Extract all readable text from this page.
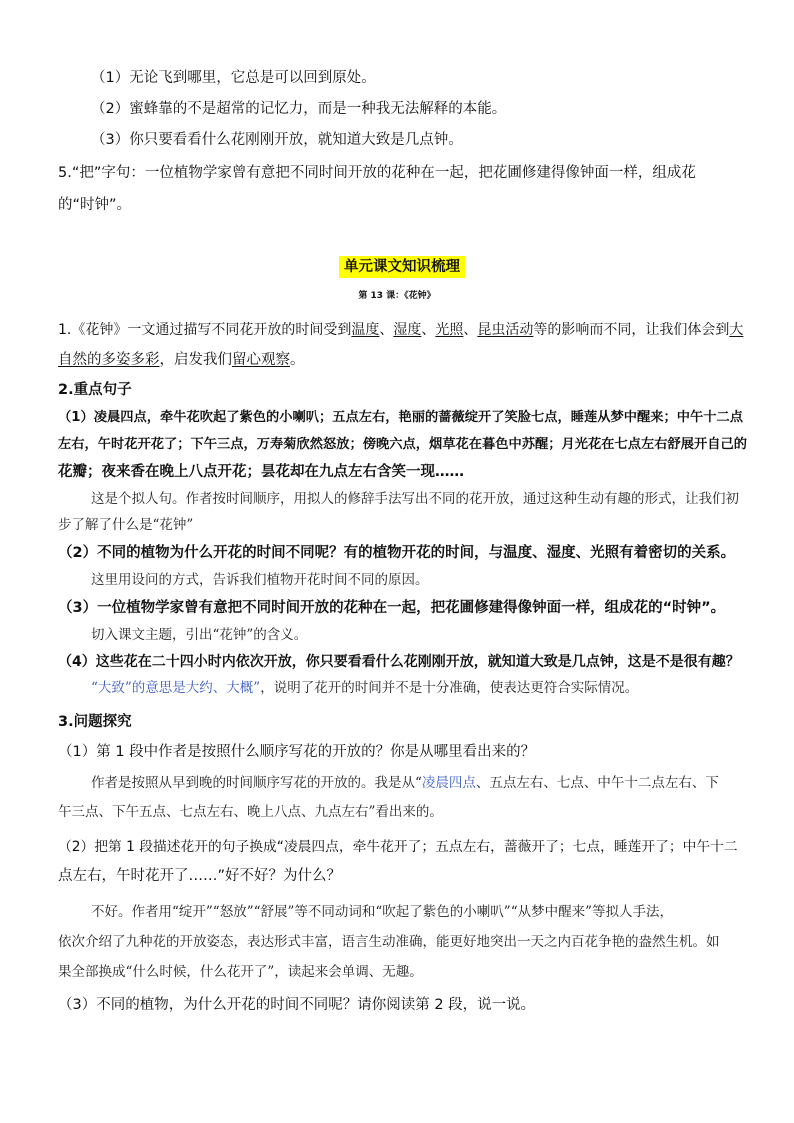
（1）无论飞到哪里，它总是可以回到原处。
（2）蜜蜂靠的不是超常的记忆力，而是一种我无法解释的本能。
（3）你只要看看什么花刚刚开放，就知道大致是几点钟。
5.“把”字句：一位植物学家曾有意把不同时间开放的花种在一起，把花圃修建得像钟面一样，组成花
的“时钟”。
单元课文知识梳理
第 13 课：《花钟》
1.《花钟》一文通过描写不同花开放的时间受到温度、湿度、光照、昆虫活动等的影响而不同，让我们体会到大
自然的多姿多彩，启发我们留心观察。
2.重点句子
（1）凌晨四点，牵牛花吹起了紫色的小喇叭；五点左右，艳丽的蔷薇绽开了笑脸七点，睡莲从梦中醒来；中午十二点
左右，午时花开花了；下午三点，万寿菊欣然怒放；傍晚六点，烟草花在暮色中苏醒；月光花在七点左右舒展开自己的
花瓣；夜来香在晚上八点开花；昙花却在九点左右含笑一现……
这是个拟人句。作者按时间顺序，用拟人的修辞手法写出不同的花开放，通过这种生动有趣的形式，让我们初
步了解了什么是“花钟”
（2）不同的植物为什么开花的时间不同呢？有的植物开花的时间，与温度、湿度、光照有着密切的关系。
这里用设问的方式，告诉我们植物开花时间不同的原因。
（3）一位植物学家曾有意把不同时间开放的花种在一起，把花圃修建得像钟面一样，组成花的“时钟”。
切入课文主题，引出“花钟”的含义。
（4）这些花在二十四小时内依次开放，你只要看看什么花刚刚开放，就知道大致是几点钟，这是不是很有趣？
“大致”的意思是大约、大概”，说明了花开的时间并不是十分准确，使表达更符合实际情况。
3.问题探究
（1）第 1 段中作者是按照什么顺序写花的开放的？你是从哪里看出来的？
作者是按照从早到晚的时间顺序写花的开放的。我是从“凌晨四点、五点左右、七点、中午十二点左右、下
午三点、下午五点、七点左右、晚上八点、九点左右”看出来的。
（2）把第 1 段描述花开的句子换成“凌晨四点，牵牛花开了；五点左右，蔷薇开了；七点，睡莲开了；中午十二
点左右，午时花开了……”好不好？为什么？
不好。作者用“绽开”“怒放”“舒展”等不同动词和“吹起了紫色的小喇叭”“从梦中醒来”等拟人手法，
依次介绍了九种花的开放姿态，表达形式丰富，语言生动准确，能更好地突出一天之内百花争艳的盎然生机。如
果全部换成“什么时候，什么花开了”，读起来会单调、无趣。
（3）不同的植物，为什么开花的时间不同呢？请你阅读第 2 段，说一说。
